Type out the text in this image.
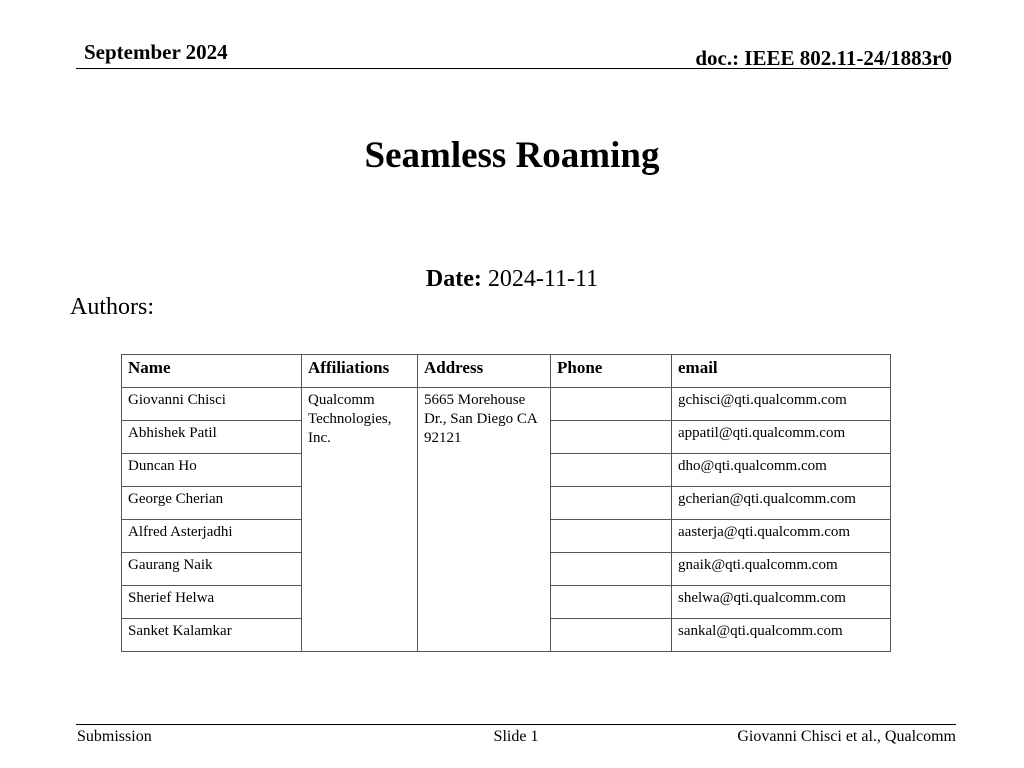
September 2024	doc.: IEEE 802.11-24/1883r0
Seamless Roaming
Date: 2024-11-11
Authors:
Name	Affiliations	Address	Phone	email
Giovanni Chisci	Qualcomm Technologies, Inc.	5665 Morehouse Dr., San Diego CA 92121		gchisci@qti.qualcomm.com
Abhishek Patil				appatil@qti.qualcomm.com
Duncan Ho				dho@qti.qualcomm.com
George Cherian				gcherian@qti.qualcomm.com
Alfred Asterjadhi				aasterja@qti.qualcomm.com
Gaurang Naik				gnaik@qti.qualcomm.com
Sherief Helwa				shelwa@qti.qualcomm.com
Sanket Kalamkar				sankal@qti.qualcomm.com
Submission	Slide 1	Giovanni Chisci et al., Qualcomm
